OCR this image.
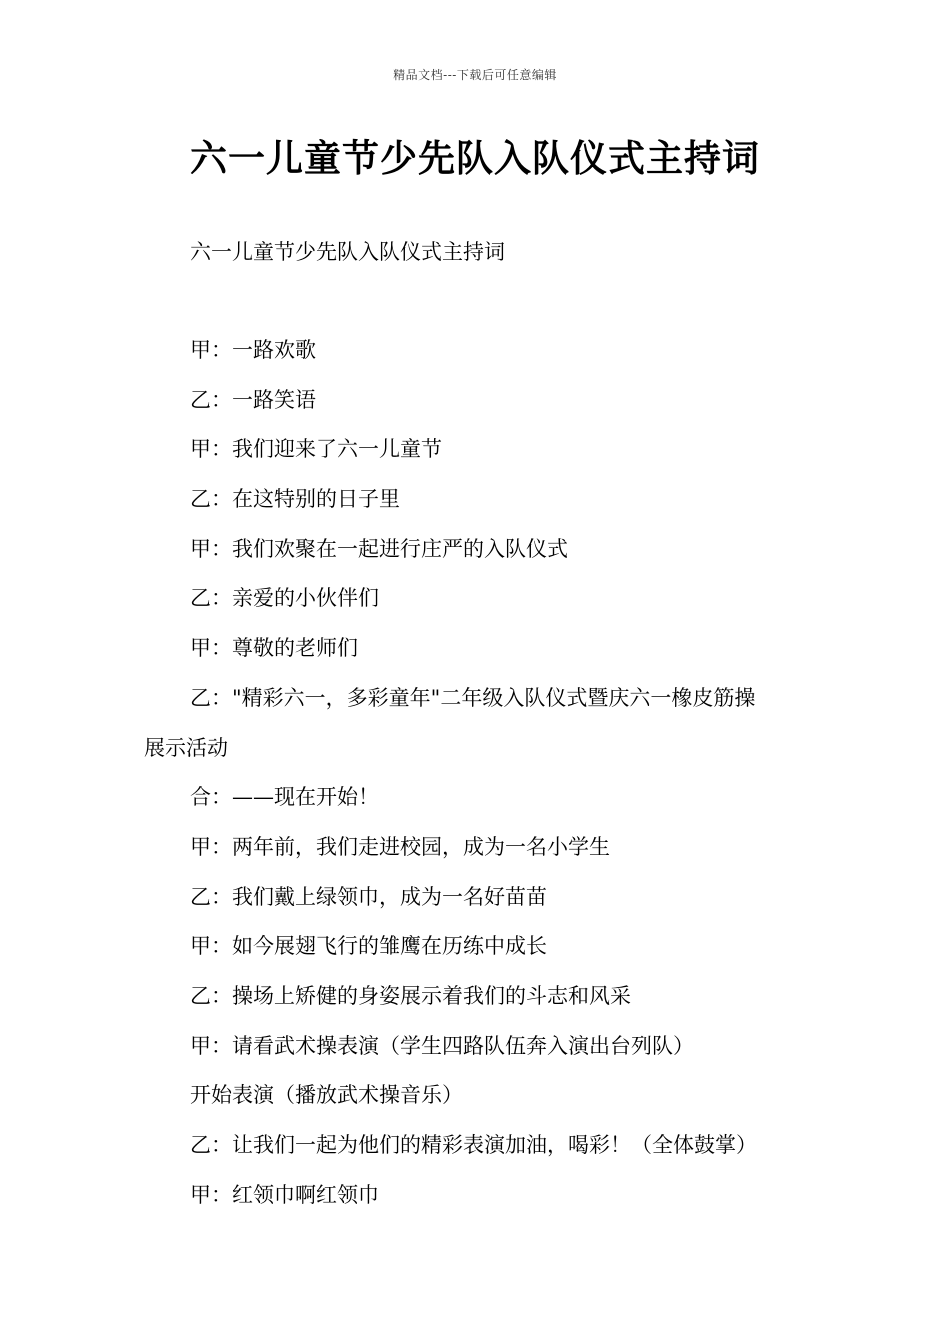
精品文档---下载后可任意编辑
六一儿童节少先队入队仪式主持词
六一儿童节少先队入队仪式主持词
甲：一路欢歌
乙：一路笑语
甲：我们迎来了六一儿童节
乙：在这特别的日子里
甲：我们欢聚在一起进行庄严的入队仪式
乙：亲爱的小伙伴们
甲：尊敬的老师们
乙："精彩六一，多彩童年"二年级入队仪式暨庆六一橡皮筋操
展示活动
合：——现在开始！
甲：两年前，我们走进校园，成为一名小学生
乙：我们戴上绿领巾，成为一名好苗苗
甲：如今展翅飞行的雏鹰在历练中成长
乙：操场上矫健的身姿展示着我们的斗志和风采
甲：请看武术操表演（学生四路队伍奔入演出台列队）
开始表演（播放武术操音乐）
乙：让我们一起为他们的精彩表演加油，喝彩！（全体鼓掌）
甲：红领巾啊红领巾
